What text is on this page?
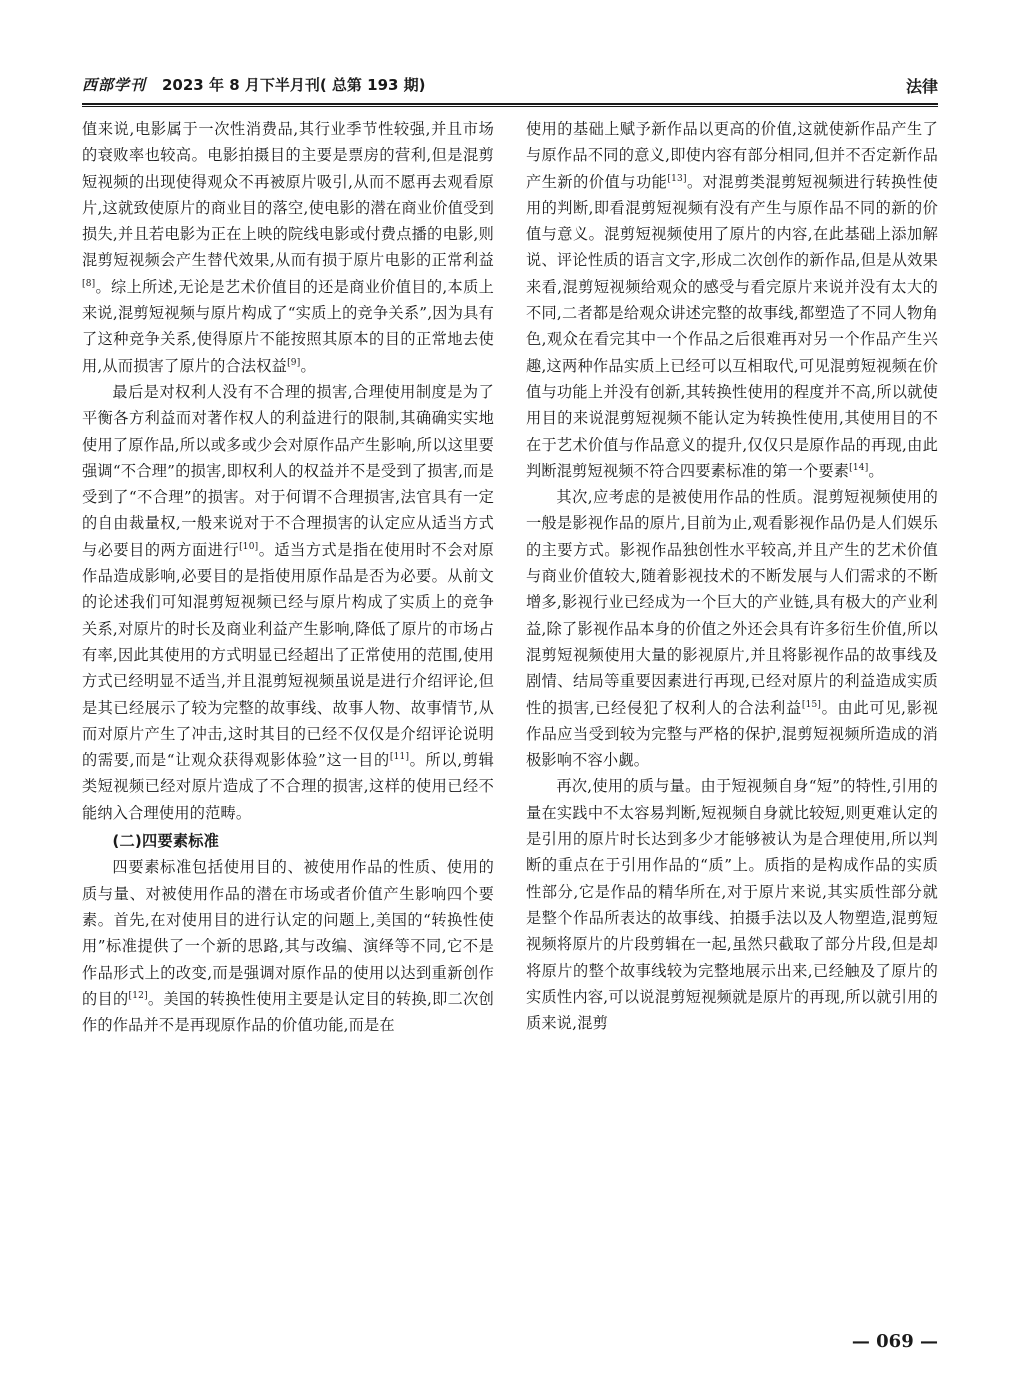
西部学刊 2023 年 8 月下半月刊( 总第 193 期)	法律

值来说,电影属于一次性消费品,其行业季节性较强,并且市场的衰败率也较高。电影拍摄目的主要是票房的营利,但是混剪短视频的出现使得观众不再被原片吸引,从而不愿再去观看原片,这就致使原片的商业目的落空,使电影的潜在商业价值受到损失,并且若电影为正在上映的院线电影或付费点播的电影,则混剪短视频会产生替代效果,从而有损于原片电影的正常利益[8]。综上所述,无论是艺术价值目的还是商业价值目的,本质上来说,混剪短视频与原片构成了“实质上的竞争关系”,因为具有了这种竞争关系,使得原片不能按照其原本的目的正常地去使用,从而损害了原片的合法权益[9]。

最后是对权利人没有不合理的损害,合理使用制度是为了平衡各方利益而对著作权人的利益进行的限制,其确确实实地使用了原作品,所以或多或少会对原作品产生影响,所以这里要强调“不合理”的损害,即权利人的权益并不是受到了损害,而是受到了“不合理”的损害。对于何谓不合理损害,法官具有一定的自由裁量权,一般来说对于不合理损害的认定应从适当方式与必要目的两方面进行[10]。适当方式是指在使用时不会对原作品造成影响,必要目的是指使用原作品是否为必要。从前文的论述我们可知混剪短视频已经与原片构成了实质上的竞争关系,对原片的时长及商业利益产生影响,降低了原片的市场占有率,因此其使用的方式明显已经超出了正常使用的范围,使用方式已经明显不适当,并且混剪短视频虽说是进行介绍评论,但是其已经展示了较为完整的故事线、故事人物、故事情节,从而对原片产生了冲击,这时其目的已经不仅仅是介绍评论说明的需要,而是“让观众获得观影体验”这一目的[11]。所以,剪辑类短视频已经对原片造成了不合理的损害,这样的使用已经不能纳入合理使用的范畴。

(二)四要素标准

四要素标准包括使用目的、被使用作品的性质、使用的质与量、对被使用作品的潜在市场或者价值产生影响四个要素。首先,在对使用目的进行认定的问题上,美国的“转换性使用”标准提供了一个新的思路,其与改编、演绎等不同,它不是作品形式上的改变,而是强调对原作品的使用以达到重新创作的目的[12]。美国的转换性使用主要是认定目的转换,即二次创作的作品并不是再现原作品的价值功能,而是在

使用的基础上赋予新作品以更高的价值,这就使新作品产生了与原作品不同的意义,即使内容有部分相同,但并不否定新作品产生新的价值与功能[13]。对混剪类混剪短视频进行转换性使用的判断,即看混剪短视频有没有产生与原作品不同的新的价值与意义。混剪短视频使用了原片的内容,在此基础上添加解说、评论性质的语言文字,形成二次创作的新作品,但是从效果来看,混剪短视频给观众的感受与看完原片来说并没有太大的不同,二者都是给观众讲述完整的故事线,都塑造了不同人物角色,观众在看完其中一个作品之后很难再对另一个作品产生兴趣,这两种作品实质上已经可以互相取代,可见混剪短视频在价值与功能上并没有创新,其转换性使用的程度并不高,所以就使用目的来说混剪短视频不能认定为转换性使用,其使用目的不在于艺术价值与作品意义的提升,仅仅只是原作品的再现,由此判断混剪短视频不符合四要素标准的第一个要素[14]。

其次,应考虑的是被使用作品的性质。混剪短视频使用的一般是影视作品的原片,目前为止,观看影视作品仍是人们娱乐的主要方式。影视作品独创性水平较高,并且产生的艺术价值与商业价值较大,随着影视技术的不断发展与人们需求的不断增多,影视行业已经成为一个巨大的产业链,具有极大的产业利益,除了影视作品本身的价值之外还会具有许多衍生价值,所以混剪短视频使用大量的影视原片,并且将影视作品的故事线及剧情、结局等重要因素进行再现,已经对原片的利益造成实质性的损害,已经侵犯了权利人的合法利益[15]。由此可见,影视作品应当受到较为完整与严格的保护,混剪短视频所造成的消极影响不容小觑。

再次,使用的质与量。由于短视频自身“短”的特性,引用的量在实践中不太容易判断,短视频自身就比较短,则更难认定的是引用的原片时长达到多少才能够被认为是合理使用,所以判断的重点在于引用作品的“质”上。质指的是构成作品的实质性部分,它是作品的精华所在,对于原片来说,其实质性部分就是整个作品所表达的故事线、拍摄手法以及人物塑造,混剪短视频将原片的片段剪辑在一起,虽然只截取了部分片段,但是却将原片的整个故事线较为完整地展示出来,已经触及了原片的实质性内容,可以说混剪短视频就是原片的再现,所以就引用的质来说,混剪

— 069 —
